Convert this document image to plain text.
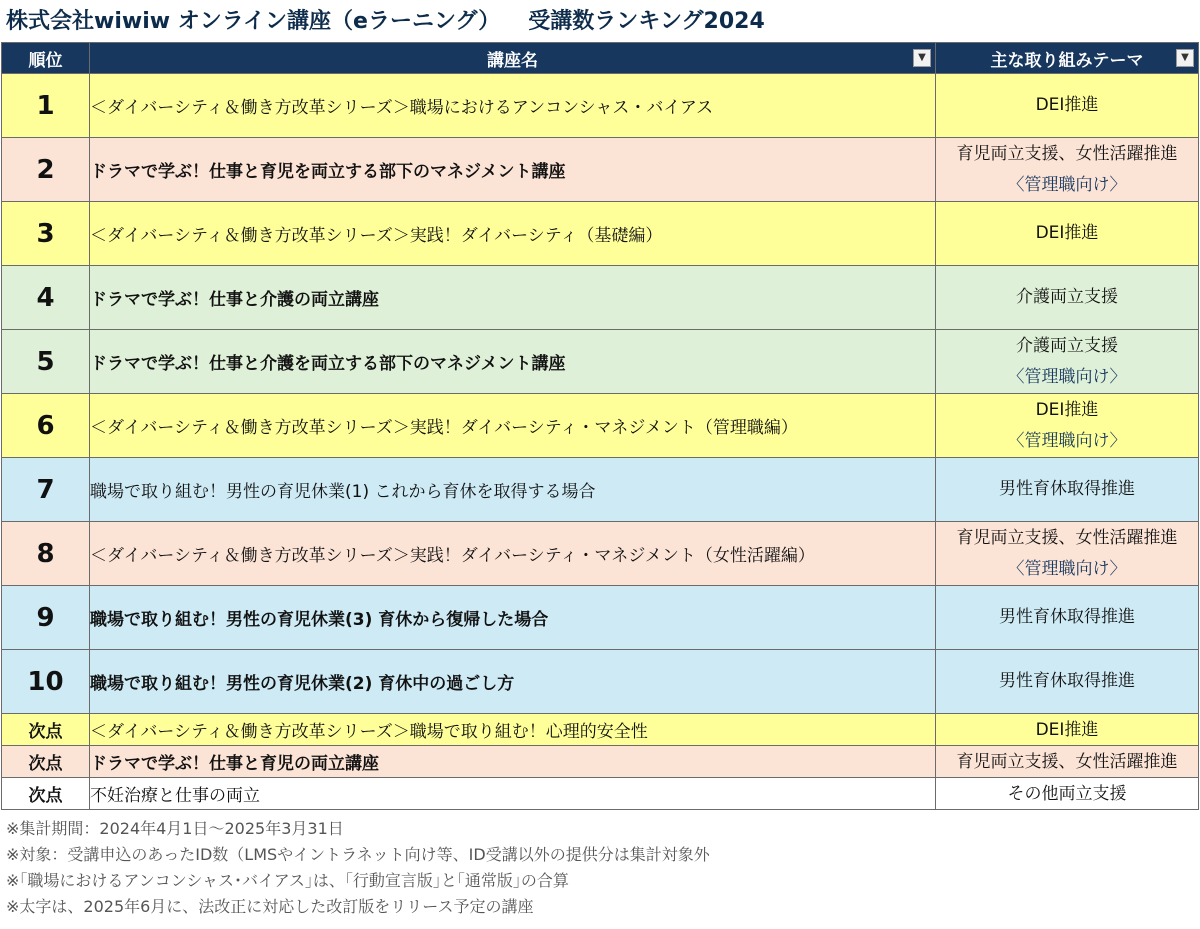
株式会社wiwiw オンライン講座（eラーニング） 受講数ランキング2024
順位	講座名 ▼	主な取り組みテーマ ▼

1	＜ダイバーシティ＆働き方改革シリーズ＞職場におけるアンコンシャス・バイアス	DEI推進
2	ドラマで学ぶ！仕事と育児を両立する部下のマネジメント講座	育児両立支援、女性活躍推進
〈管理職向け〉

3	＜ダイバーシティ＆働き方改革シリーズ＞実践！ダイバーシティ（基礎編）	DEI推進
4	ドラマで学ぶ！仕事と介護の両立講座	介護両立支援
5	ドラマで学ぶ！仕事と介護を両立する部下のマネジメント講座	介護両立支援
〈管理職向け〉

6	＜ダイバーシティ＆働き方改革シリーズ＞実践！ダイバーシティ・マネジメント（管理職編）	DEI推進
〈管理職向け〉

7	職場で取り組む！男性の育児休業(1) これから育休を取得する場合	男性育休取得推進
8	＜ダイバーシティ＆働き方改革シリーズ＞実践！ダイバーシティ・マネジメント（女性活躍編）	育児両立支援、女性活躍推進
〈管理職向け〉

9	職場で取り組む！男性の育児休業(3) 育休から復帰した場合	男性育休取得推進
10	職場で取り組む！男性の育児休業(2) 育休中の過ごし方	男性育休取得推進
次点	＜ダイバーシティ＆働き方改革シリーズ＞職場で取り組む！心理的安全性	DEI推進
次点	ドラマで学ぶ！仕事と育児の両立講座	育児両立支援、女性活躍推進
次点	不妊治療と仕事の両立	その他両立支援
※集計期間：2024年4月1日～2025年3月31日
※対象：受講申込のあったID数（LMSやイントラネット向け等、ID受講以外の提供分は集計対象外
※｢職場におけるアンコンシャス･バイアス｣は、｢行動宣言版｣と｢通常版｣の合算
※太字は、2025年6月に、法改正に対応した改訂版をリリース予定の講座
